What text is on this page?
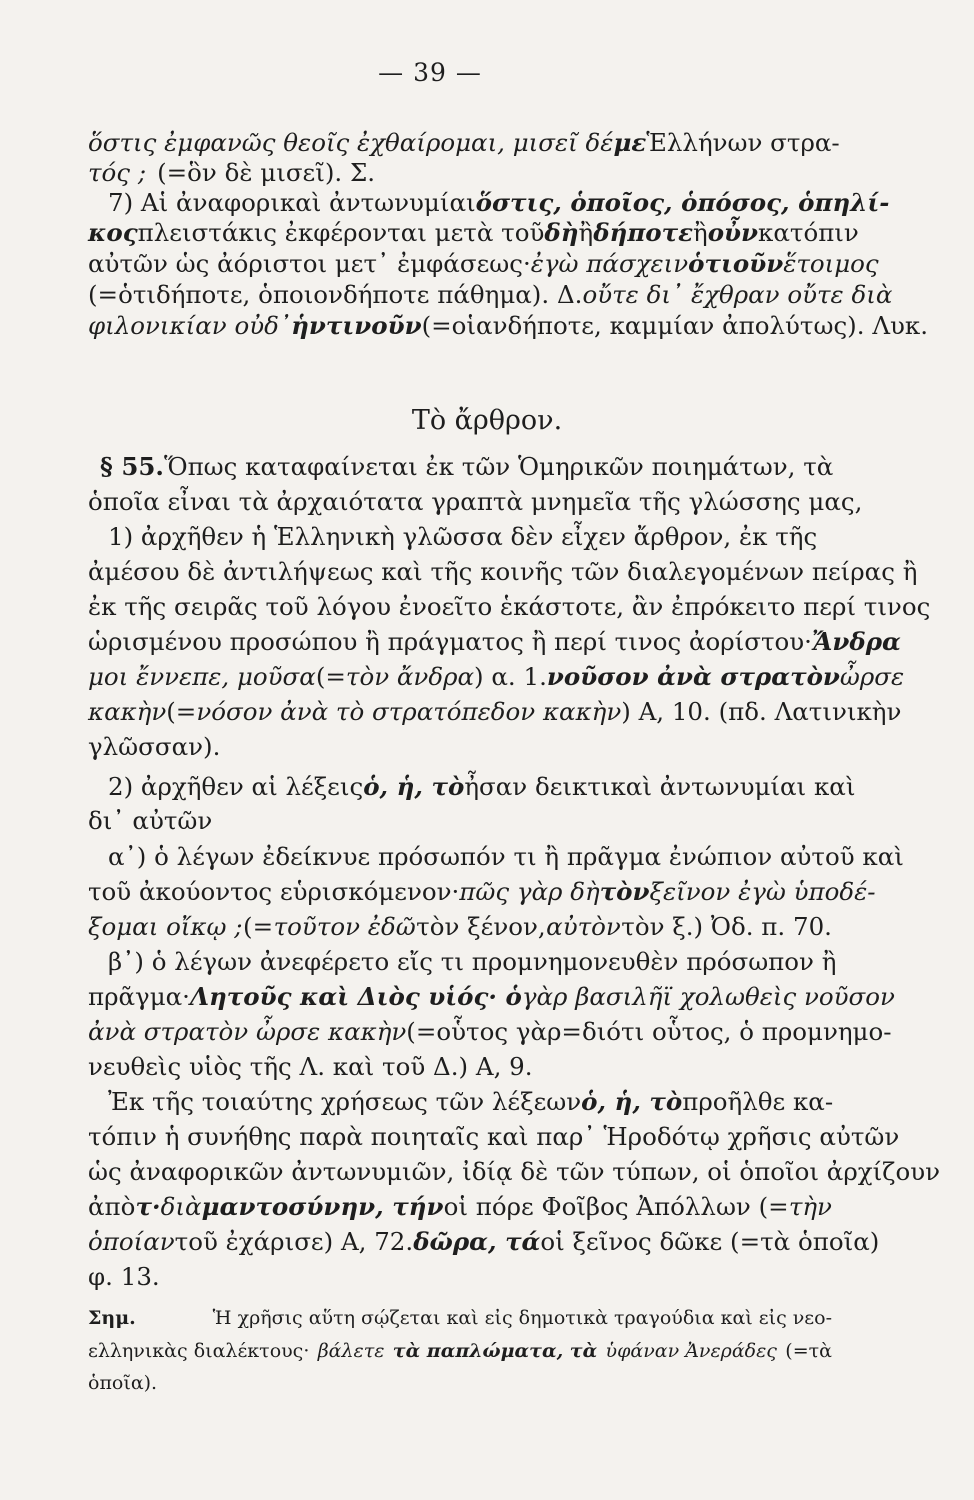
— 39 —
Τὸ ἄρθρον.
ὅστις ἐμφανῶς θεοῖς ἐχθαίρομαι, μισεῖ δέ με Ἑλλήνων στρα-
τός ; (=ὃν δὲ μισεῖ). Σ.
7) Αἱ ἀναφορικαὶ ἀντωνυμίαι ὅστις, ὁποῖος, ὁπόσος, ὁπηλί-
κος πλειστάκις ἐκφέρονται μετὰ τοῦ δὴ ἢ δήποτε ἢ οὖν κατόπιν
αὐτῶν ὡς ἀόριστοι μετ᾽ ἐμφάσεως· ἐγὼ πάσχειν ὁτιοῦν ἕτοιμος
(=ὁτιδήποτε, ὁποιονδήποτε πάθημα). Δ. οὔτε δι᾽ ἔχθραν οὔτε διὰ
φιλονικίαν οὐδ᾽ ἡντινοῦν (=οἱανδήποτε, καμμίαν ἀπολύτως). Λυκ.
§ 55. Ὅπως καταφαίνεται ἐκ τῶν Ὁμηρικῶν ποιημάτων, τὰ
ὁποῖα εἶναι τὰ ἀρχαιότατα γραπτὰ μνημεῖα τῆς γλώσσης μας,
1) ἀρχῆθεν ἡ Ἑλληνικὴ γλῶσσα δὲν εἶχεν ἄρθρον, ἐκ τῆς
ἀμέσου δὲ ἀντιλήψεως καὶ τῆς κοινῆς τῶν διαλεγομένων πείρας ἢ
ἐκ τῆς σειρᾶς τοῦ λόγου ἐνοεῖτο ἑκάστοτε, ἂν ἐπρόκειτο περί τινος
ὡρισμένου προσώπου ἢ πράγματος ἢ περί τινος ἀορίστου· Ἄνδρα
μοι ἔννεπε, μοῦσα (= τὸν ἄνδρα ) α. 1. νοῦσον ἀνὰ στρατὸν ὦρσε
κακὴν (= νόσον ἀνὰ τὸ στρατόπεδον κακὴν ) Α, 10. (πδ. Λατινικὴν
γλῶσσαν).
2) ἀρχῆθεν αἱ λέξεις ὁ, ἡ, τὸ ἦσαν δεικτικαὶ ἀντωνυμίαι καὶ
δι᾽ αὐτῶν
α᾽) ὁ λέγων ἐδείκνυε πρόσωπόν τι ἢ πρᾶγμα ἐνώπιον αὐτοῦ καὶ
τοῦ ἀκούοντος εὑρισκόμενον· πῶς γὰρ δὴ τὸν ξεῖνον ἐγὼ ὑποδέ-
ξομαι οἴκῳ ; (= τοῦτον ἐδῶ τὸν ξένον, αὐτὸν τὸν ξ.) Ὀδ. π. 70.
β᾽) ὁ λέγων ἀνεφέρετο εἴς τι προμνημονευθὲν πρόσωπον ἢ
πρᾶγμα· Λητοῦς καὶ Διὸς υἱός· ὁ γὰρ βασιλῆϊ χολωθεὶς νοῦσον
ἀνὰ στρατὸν ὦρσε κακὴν (=οὗτος γὰρ=διότι οὗτος, ὁ προμνημο-
νευθεὶς υἱὸς τῆς Λ. καὶ τοῦ Δ.) Α, 9.
Ἐκ τῆς τοιαύτης χρήσεως τῶν λέξεων ὁ, ἡ, τὸ προῆλθε κα-
τόπιν ἡ συνήθης παρὰ ποιηταῖς καὶ παρ᾽ Ἡροδότῳ χρῆσις αὐτῶν
ὡς ἀναφορικῶν ἀντωνυμιῶν, ἰδίᾳ δὲ τῶν τύπων, οἱ ὁποῖοι ἀρχίζουν
ἀπὸ τ· διὰ μαντοσύνην, τήν οἱ πόρε Φοῖβος Ἀπόλλων (= τὴν
ὁποίαν τοῦ ἐχάρισε) Α, 72. δῶρα, τά οἱ ξεῖνος δῶκε (=τὰ ὁποῖα)
φ. 13.
Σημ.	Ἡ χρῆσις αὕτη σῴζεται καὶ εἰς δημοτικὰ τραγούδια καὶ εἰς νεο-
ελληνικὰς διαλέκτους· βάλετε τὰ παπλώματα, τὰ ὑφάναν Ἀνεράδες (=τὰ
ὁποῖα).
